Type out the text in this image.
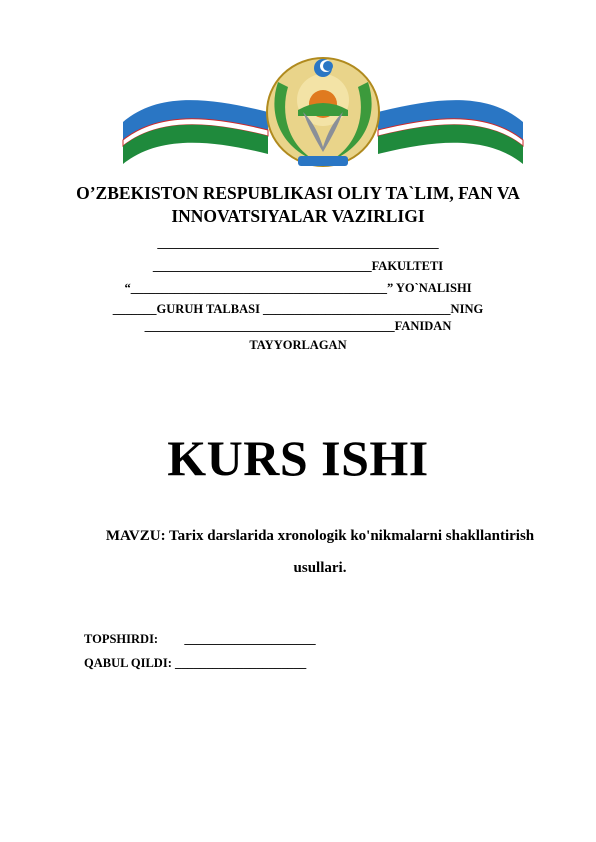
O’ZBEKISTON RESPUBLIKASI OLIY TA`LIM, FAN VA
INNOVATSIYALAR VAZIRLIGI
_____________________________________________
___________________________________FAKULTETI
“_________________________________________” YO`NALISHI
_______GURUH TALBASI ______________________________NING
________________________________________FANIDAN
TAYYORLAGAN
KURS ISHI
MAVZU: Tarix darslarida xronologik ko'nikmalarni shakllantirish
usullari.
TOPSHIRDI: _____________________
QABUL QILDI: _____________________
